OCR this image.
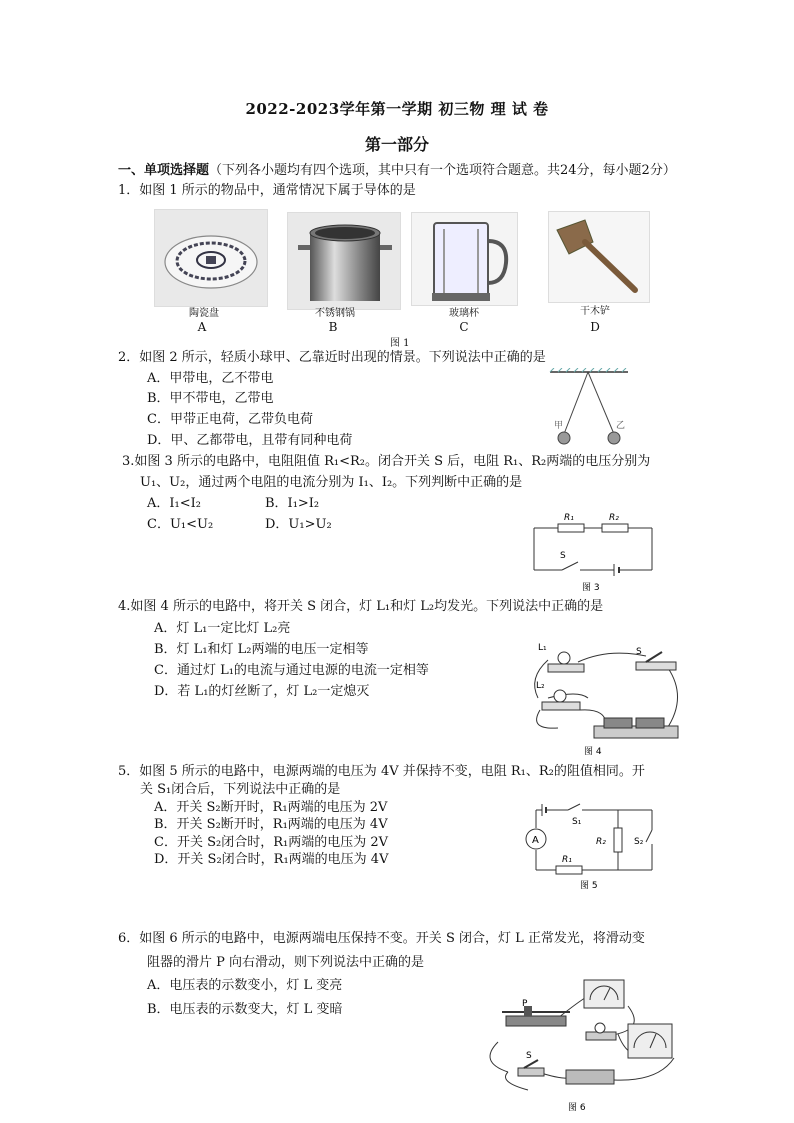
2022-2023学年第一学期 初三物 理 试 卷
第一部分
一、单项选择题（下列各小题均有四个选项，其中只有一个选项符合题意。共24分，每小题2分）
1．如图 1 所示的物品中，通常情况下属于导体的是
陶瓷盘	不锈钢锅	玻璃杯	干木铲
A	B	C	D
图 1
2．如图 2 所示，轻质小球甲、乙靠近时出现的情景。下列说法中正确的是
A．甲带电，乙不带电
B．甲不带电，乙带电
C．甲带正电荷，乙带负电荷
D．甲、乙都带电，且带有同种电荷
甲	乙
3.如图 3 所示的电路中，电阻阻值 R₁<R₂。闭合开关 S 后，电阻 R₁、R₂两端的电压分别为
U₁、U₂，通过两个电阻的电流分别为 I₁、I₂。下列判断中正确的是
A．I₁<I₂	B．I₁>I₂
C．U₁<U₂	D．U₁>U₂	R₁	R₂
S
图 3
4.如图 4 所示的电路中，将开关 S 闭合，灯 L₁和灯 L₂均发光。下列说法中正确的是
A．灯 L₁一定比灯 L₂亮
B．灯 L₁和灯 L₂两端的电压一定相等
C．通过灯 L₁的电流与通过电源的电流一定相等
D．若 L₁的灯丝断了，灯 L₂一定熄灭
L₁
L₂
S
图 4
5．如图 5 所示的电路中，电源两端的电压为 4V 并保持不变，电阻 R₁、R₂的阻值相同。开
关 S₁闭合后，下列说法中正确的是
A．开关 S₂断开时，R₁两端的电压为 2V
B．开关 S₂断开时，R₁两端的电压为 4V
C．开关 S₂闭合时，R₁两端的电压为 2V
D．开关 S₂闭合时，R₁两端的电压为 4V
A
S₁
R₂	S₂
R₁
图 5
6．如图 6 所示的电路中，电源两端电压保持不变。开关 S 闭合，灯 L 正常发光，将滑动变
阻器的滑片 P 向右滑动，则下列说法中正确的是
A．电压表的示数变小，灯 L 变亮
B．电压表的示数变大，灯 L 变暗	P
S
图 6
